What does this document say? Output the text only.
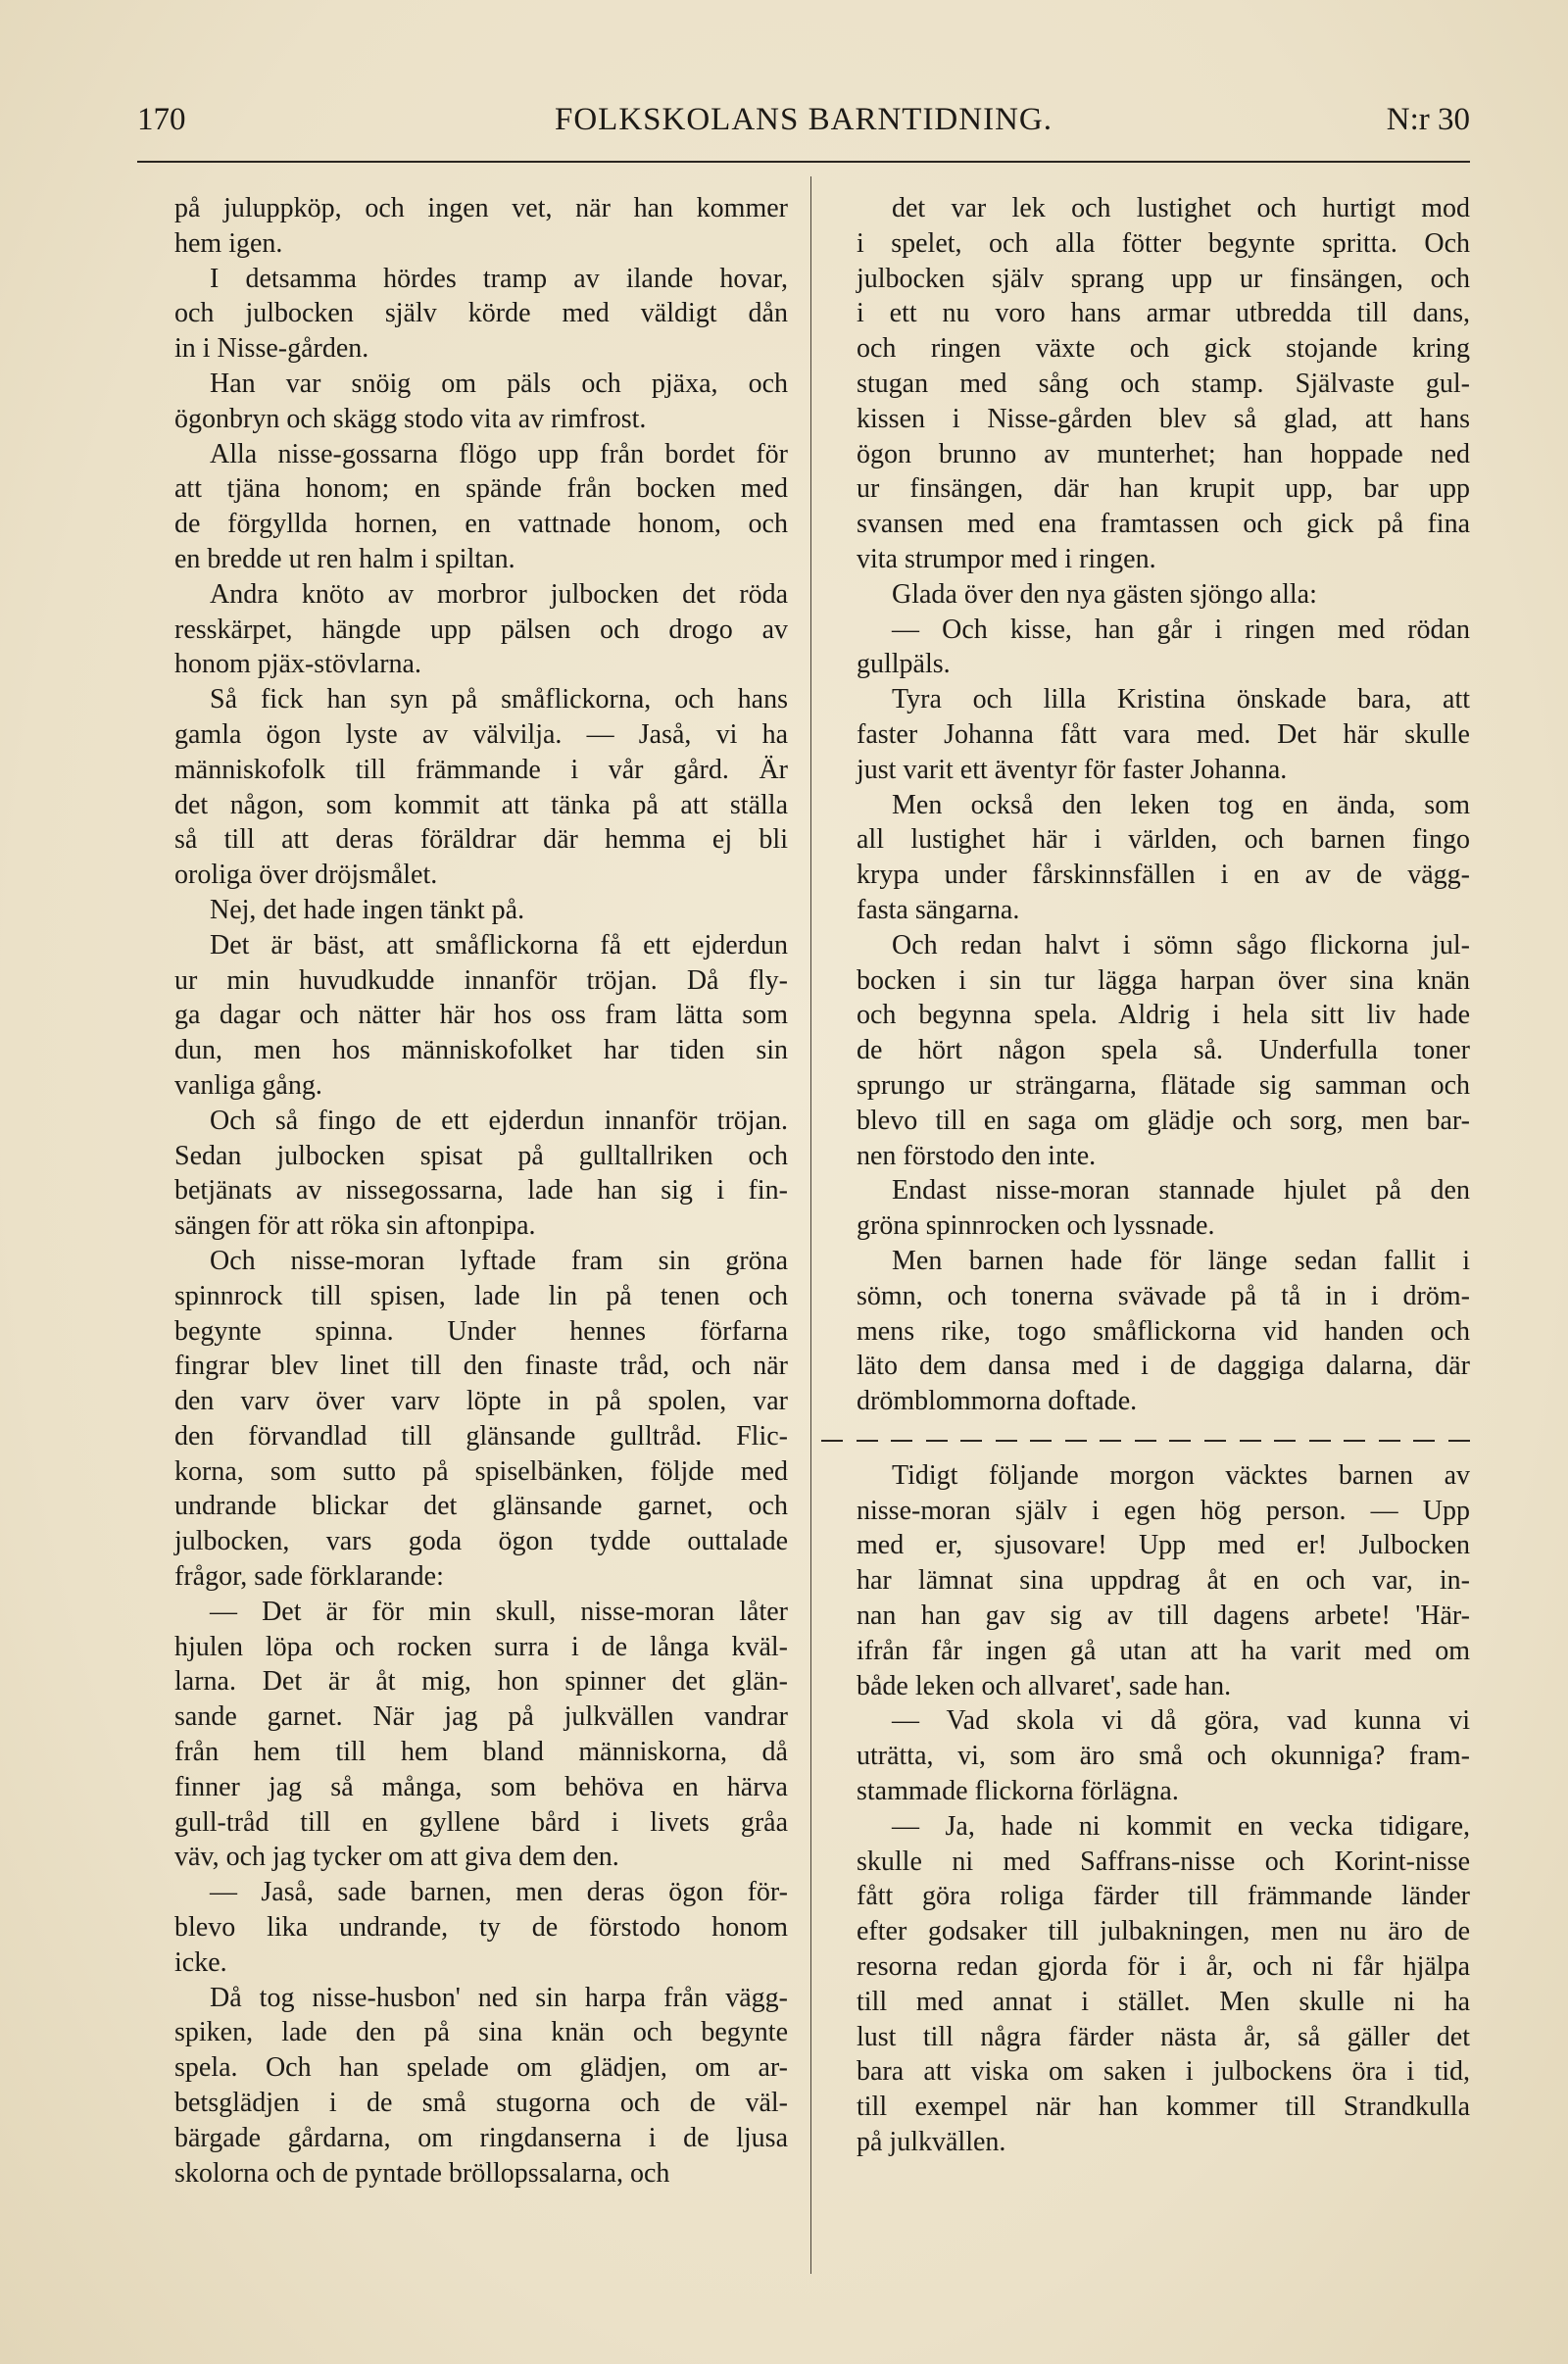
170	FOLKSKOLANS BARNTIDNING.	N:r 30

på juluppköp, och ingen vet, när han kommer
hem igen.

I detsamma hördes tramp av ilande hovar,
och julbocken själv körde med väldigt dån
in i Nisse-gården.

Han var snöig om päls och pjäxa, och
ögonbryn och skägg stodo vita av rimfrost.

Alla nisse-gossarna flögo upp från bordet för
att tjäna honom; en spände från bocken med
de förgyllda hornen, en vattnade honom, och
en bredde ut ren halm i spiltan.

Andra knöto av morbror julbocken det röda
resskärpet, hängde upp pälsen och drogo av
honom pjäx-stövlarna.

Så fick han syn på småflickorna, och hans
gamla ögon lyste av välvilja. — Jaså, vi ha
människofolk till främmande i vår gård. Är
det någon, som kommit att tänka på att ställa
så till att deras föräldrar där hemma ej bli
oroliga över dröjsmålet.

Nej, det hade ingen tänkt på.

Det är bäst, att småflickorna få ett ejderdun
ur min huvudkudde innanför tröjan. Då fly-
ga dagar och nätter här hos oss fram lätta som
dun, men hos människofolket har tiden sin
vanliga gång.

Och så fingo de ett ejderdun innanför tröjan.
Sedan julbocken spisat på gulltallriken och
betjänats av nissegossarna, lade han sig i fin-
sängen för att röka sin aftonpipa.

Och nisse-moran lyftade fram sin gröna
spinnrock till spisen, lade lin på tenen och
begynte spinna. Under hennes förfarna
fingrar blev linet till den finaste tråd, och när
den varv över varv löpte in på spolen, var
den förvandlad till glänsande gulltråd. Flic-
korna, som sutto på spiselbänken, följde med
undrande blickar det glänsande garnet, och
julbocken, vars goda ögon tydde outtalade
frågor, sade förklarande:

— Det är för min skull, nisse-moran låter
hjulen löpa och rocken surra i de långa kväl-
larna. Det är åt mig, hon spinner det glän-
sande garnet. När jag på julkvällen vandrar
från hem till hem bland människorna, då
finner jag så många, som behöva en härva
gull-tråd till en gyllene bård i livets gråa
väv, och jag tycker om att giva dem den.

— Jaså, sade barnen, men deras ögon för-
blevo lika undrande, ty de förstodo honom
icke.

Då tog nisse-husbon' ned sin harpa från vägg-
spiken, lade den på sina knän och begynte
spela. Och han spelade om glädjen, om ar-
betsglädjen i de små stugorna och de väl-
bärgade gårdarna, om ringdanserna i de ljusa
skolorna och de pyntade bröllopssalarna, och

det var lek och lustighet och hurtigt mod
i spelet, och alla fötter begynte spritta. Och
julbocken själv sprang upp ur finsängen, och
i ett nu voro hans armar utbredda till dans,
och ringen växte och gick stojande kring
stugan med sång och stamp. Självaste gul-
kissen i Nisse-gården blev så glad, att hans
ögon brunno av munterhet; han hoppade ned
ur finsängen, där han krupit upp, bar upp
svansen med ena framtassen och gick på fina
vita strumpor med i ringen.

Glada över den nya gästen sjöngo alla:

— Och kisse, han går i ringen med rödan
gullpäls.

Tyra och lilla Kristina önskade bara, att
faster Johanna fått vara med. Det här skulle
just varit ett äventyr för faster Johanna.

Men också den leken tog en ända, som
all lustighet här i världen, och barnen fingo
krypa under fårskinnsfällen i en av de vägg-
fasta sängarna.

Och redan halvt i sömn sågo flickorna jul-
bocken i sin tur lägga harpan över sina knän
och begynna spela. Aldrig i hela sitt liv hade
de hört någon spela så. Underfulla toner
sprungo ur strängarna, flätade sig samman och
blevo till en saga om glädje och sorg, men bar-
nen förstodo den inte.

Endast nisse-moran stannade hjulet på den
gröna spinnrocken och lyssnade.

Men barnen hade för länge sedan fallit i
sömn, och tonerna svävade på tå in i dröm-
mens rike, togo småflickorna vid handen och
läto dem dansa med i de daggiga dalarna, där
drömblommorna doftade.

Tidigt följande morgon väcktes barnen av
nisse-moran själv i egen hög person. — Upp
med er, sjusovare! Upp med er! Julbocken
har lämnat sina uppdrag åt en och var, in-
nan han gav sig av till dagens arbete! 'Här-
ifrån får ingen gå utan att ha varit med om
både leken och allvaret', sade han.

— Vad skola vi då göra, vad kunna vi
uträtta, vi, som äro små och okunniga? fram-
stammade flickorna förlägna.

— Ja, hade ni kommit en vecka tidigare,
skulle ni med Saffrans-nisse och Korint-nisse
fått göra roliga färder till främmande länder
efter godsaker till julbakningen, men nu äro de
resorna redan gjorda för i år, och ni får hjälpa
till med annat i stället. Men skulle ni ha
lust till några färder nästa år, så gäller det
bara att viska om saken i julbockens öra i tid,
till exempel när han kommer till Strandkulla
på julkvällen.
